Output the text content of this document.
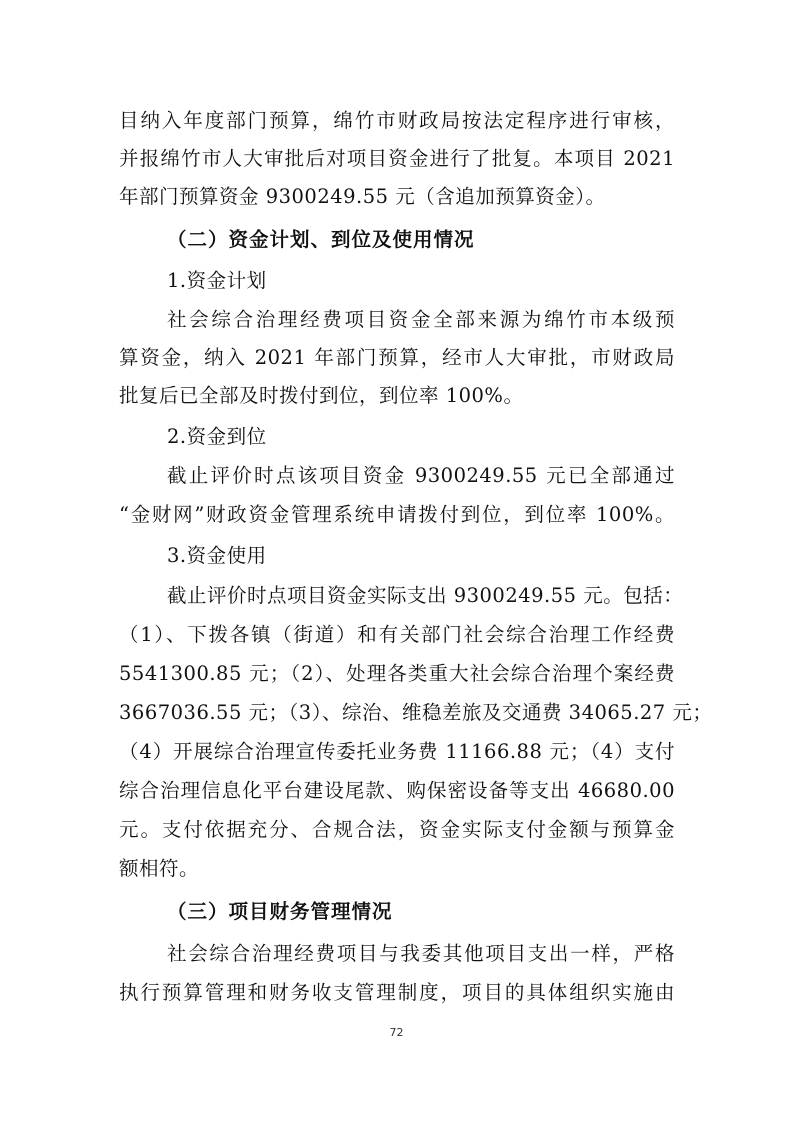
目纳入年度部门预算，绵竹市财政局按法定程序进行审核，
并报绵竹市人大审批后对项目资金进行了批复。本项目 2021
年部门预算资金 9300249.55 元（含追加预算资金）。
（二）资金计划、到位及使用情况
1.资金计划
社会综合治理经费项目资金全部来源为绵竹市本级预
算资金，纳入 2021 年部门预算，经市人大审批，市财政局
批复后已全部及时拨付到位，到位率 100%。
2.资金到位
截止评价时点该项目资金 9300249.55 元已全部通过
“金财网”财政资金管理系统申请拨付到位，到位率 100%。
3.资金使用
截止评价时点项目资金实际支出 9300249.55 元。包括：
（1）、下拨各镇（街道）和有关部门社会综合治理工作经费
5541300.85 元；（2）、处理各类重大社会综合治理个案经费
3667036.55 元；（3）、综治、维稳差旅及交通费 34065.27 元；
（4）开展综合治理宣传委托业务费 11166.88 元；（4）支付
综合治理信息化平台建设尾款、购保密设备等支出 46680.00
元。支付依据充分、合规合法，资金实际支付金额与预算金
额相符。
（三）项目财务管理情况
社会综合治理经费项目与我委其他项目支出一样，严格
执行预算管理和财务收支管理制度，项目的具体组织实施由
72
